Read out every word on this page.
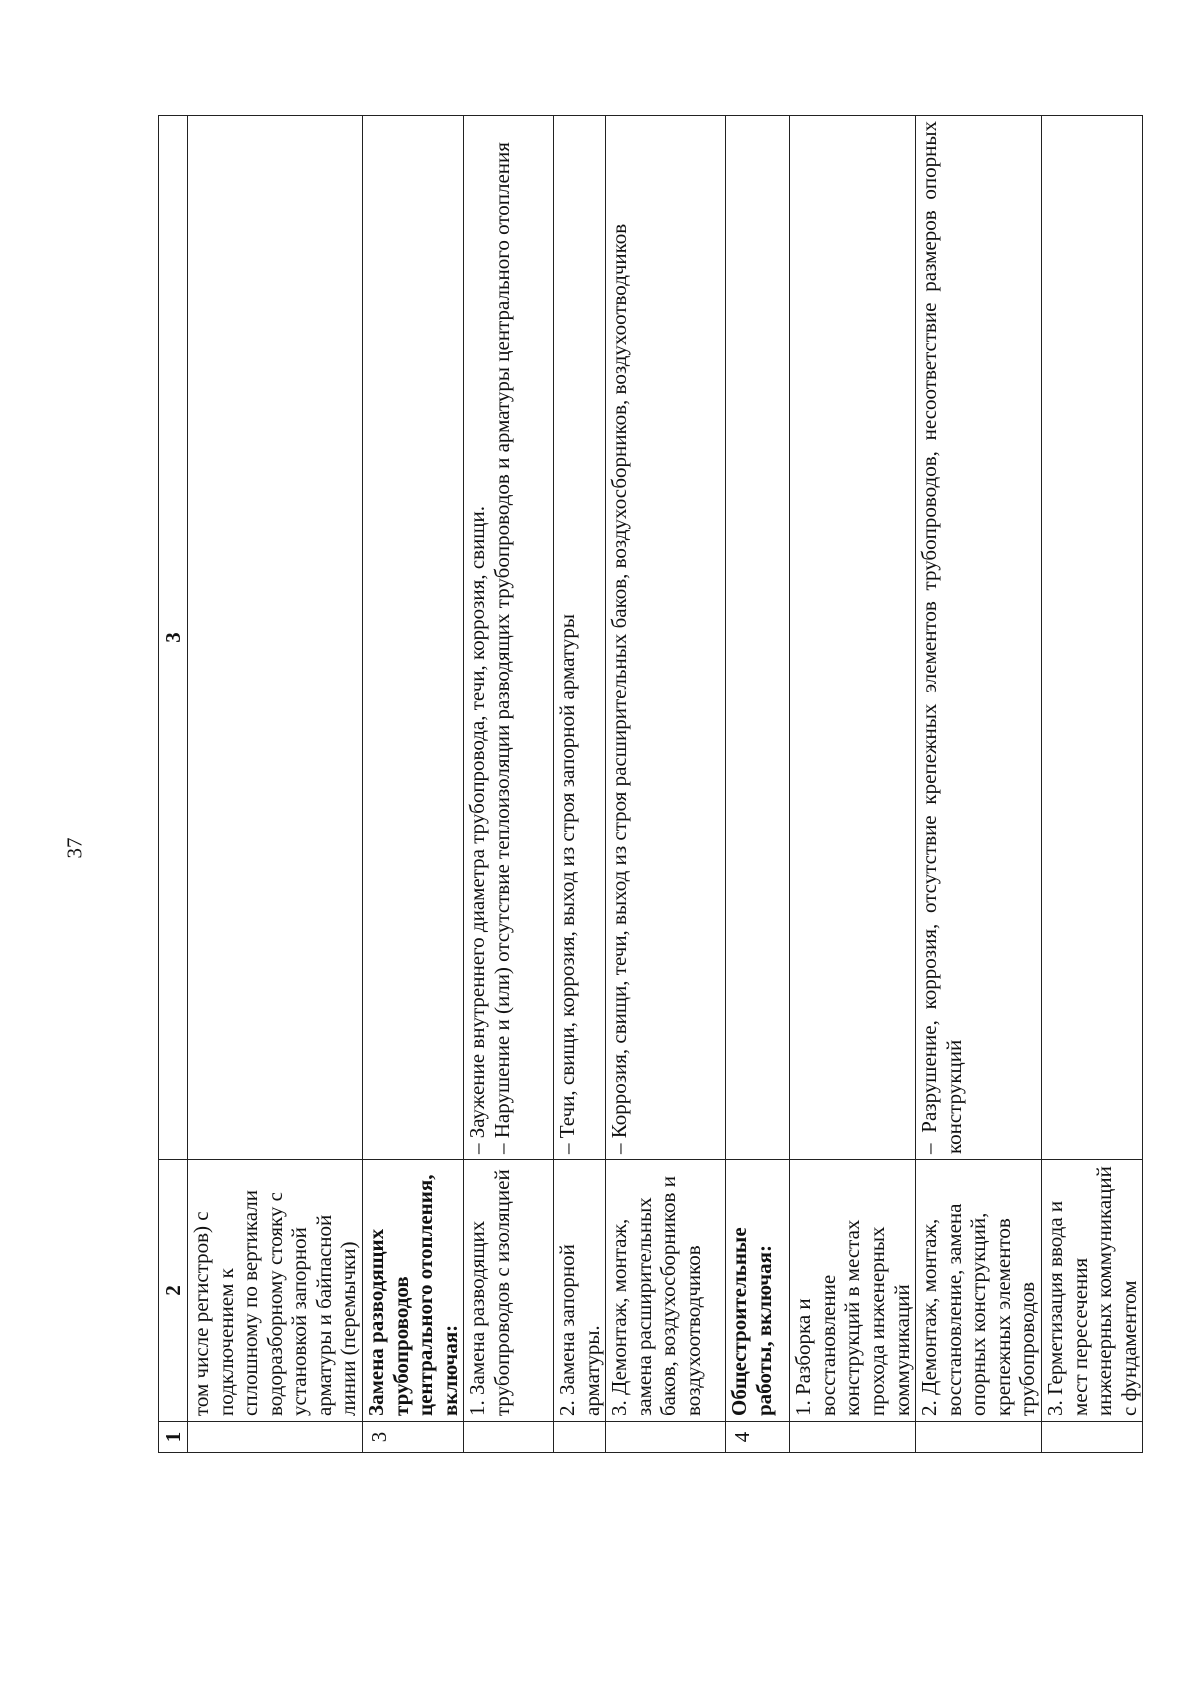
37
1	2	3
	том числе регистров) с подключением к сплошному по вертикали водоразборному стояку с установкой запорной арматуры и байпасной линии (перемычки)	
3	Замена разводящих трубопроводов центрального отопления, включая:	
	1. Замена разводящих трубопроводов с изоляцией	– Заужение внутреннего диаметра трубопровода, течи, коррозия, свищи.
– Нарушение и (или) отсутствие теплоизоляции разводящих трубопроводов и арматуры центрального отопления
	2. Замена запорной арматуры.	– Течи, свищи, коррозия, выход из строя запорной арматуры
	3. Демонтаж, монтаж, замена расширительных баков, воздухосборников и воздухоотводчиков	– Коррозия, свищи, течи, выход из строя расширительных баков, воздухосборников, воздухоотводчиков
4	Общестроительные работы, включая:	
	1. Разборка и восстановление конструкций в местах прохода инженерных коммуникаций	
	2. Демонтаж, монтаж, восстановление, замена опорных конструкций, крепежных элементов трубопроводов	– Разрушение, коррозия, отсутствие крепежных элементов трубопроводов, несоответствие размеров опорных конструкций
	3. Герметизация ввода и мест пересечения инженерных коммуникаций с фундаментом	
